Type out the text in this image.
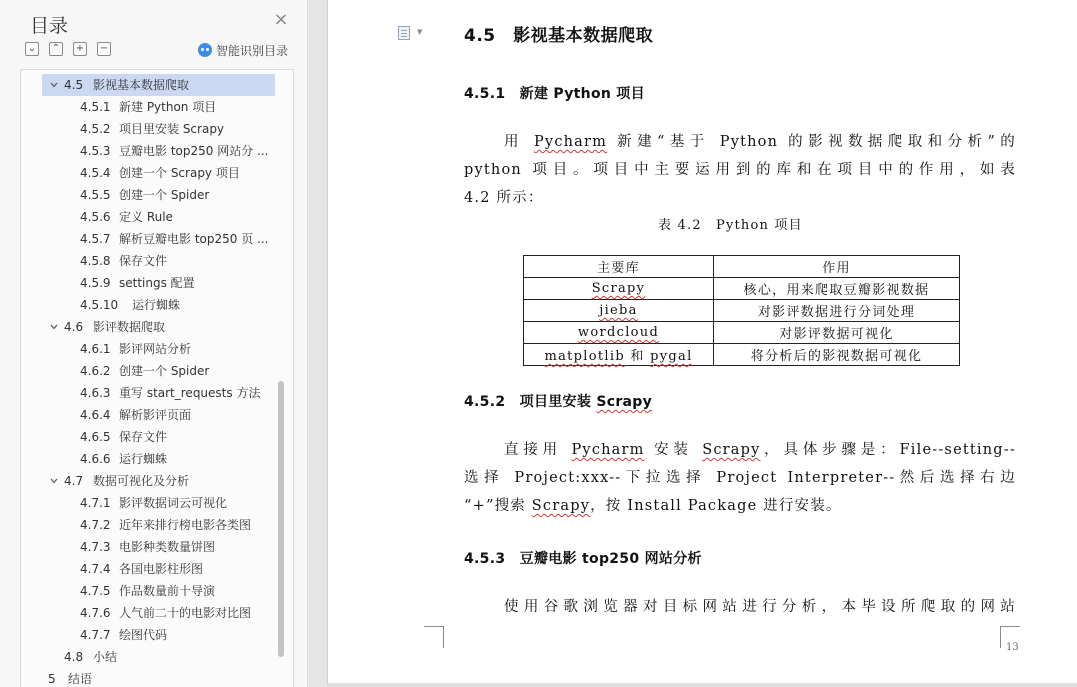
目录	×
⌄ ⌃ + −	智能识别目录
4.5 影视基本数据爬取
4.5.1 新建 Python 项目
4.5.2 项目里安装 Scrapy
4.5.3 豆瓣电影 top250 网站分 ...
4.5.4 创建一个 Scrapy 项目
4.5.5 创建一个 Spider
4.5.6 定义 Rule
4.5.7 解析豆瓣电影 top250 页 ...
4.5.8 保存文件
4.5.9 settings 配置
4.5.10 运行蜘蛛
4.6 影评数据爬取
4.6.1 影评网站分析
4.6.2 创建一个 Spider
4.6.3 重写 start_requests 方法
4.6.4 解析影评页面
4.6.5 保存文件
4.6.6 运行蜘蛛
4.7 数据可视化及分析
4.7.1 影评数据词云可视化
4.7.2 近年来排行榜电影各类图
4.7.3 电影种类数量饼图
4.7.4 各国电影柱形图
4.7.5 作品数量前十导演
4.7.6 人气前二十的电影对比图
4.7.7 绘图代码
4.8 小结
5 结语
▼ 4.5　影视基本数据爬取
4.5.1　新建 Python 项目
用 Pycharm 新建“基于 Python 的影视数据爬取和分析”的
python 项目。项目中主要运用到的库和在项目中的作用，如表
4.2 所示：
表 4.2　Python 项目
主要库	作用
Scrapy	核心，用来爬取豆瓣影视数据
jieba	对影评数据进行分词处理
wordcloud	对影评数据可视化
matplotlib 和 pygal	将分析后的影视数据可视化
4.5.2　项目里安装 Scrapy
直接用 Pycharm 安装 Scrapy，具体步骤是：File--setting--
选择 Project:xxx--下拉选择 Project Interpreter--然后选择右边
“+”搜索 Scrapy，按 Install Package 进行安装。
4.5.3　豆瓣电影 top250 网站分析
使用谷歌浏览器对目标网站进行分析，本毕设所爬取的网站
13
